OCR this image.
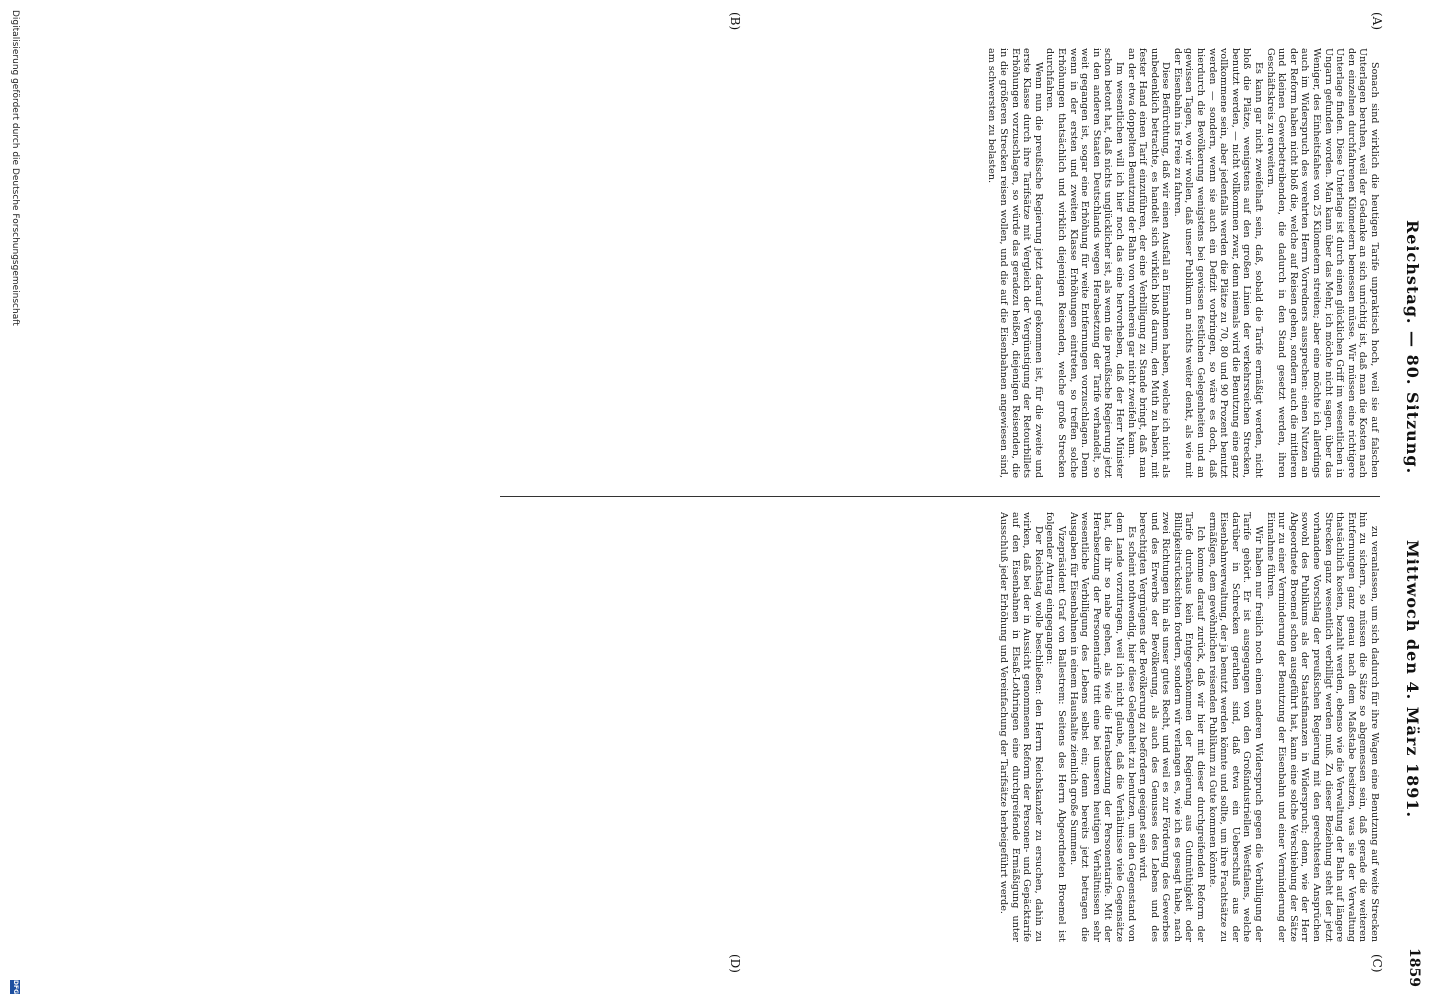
Reichstag. — 80. Sitzung.
Mittwoch den 4. März 1891.
1859
(A)
(B)
(C)
(D)

Sonach sind wirklich die heutigen Tarife unpraktisch hoch, weil sie auf falschen Unterlagen beruhen, weil der Gedanke an sich unrichtig ist, daß man die Kosten nach den einzelnen durchfahrenen Kilometern bemessen müsse. Wir müssen eine richtigere Unterlage finden. Diese Unterlage ist durch einen glücklichen Griff im wesentlichen in Ungarn gefunden worden. Man kann über das Mehr, ich möchte nicht sagen, über das Weniger, des Einheitsfahes von 25 Kilometern streiten; aber eine möchte ich allerdings auch im Widerspruch des verehrten Herrn Vorredners aussprechen: einen Nutzen an der Reform haben nicht bloß die, welche auf Reisen gehen, sondern auch die mittleren und kleinen Gewerbetreibenden, die dadurch in den Stand gesetzt werden, ihren Geschäftskreis zu erweitern.

Es kann gar nicht zweifelhaft sein, daß, sobald die Tarife ermäßigt werden, nicht bloß die Plätze, wenigstens auf den großen Linien der verkehrsreichen Strecken, benutzt werden, — nicht vollkommen zwar, denn niemals wird die Benutzung eine ganz vollkommene sein, aber jedenfalls werden die Plätze zu 70, 80 und 90 Prozent benutzt werden — sondern, wenn sie auch ein Defizit vorbringen, so wäre es doch, daß hierdurch die Bevölkerung wenigstens bei gewissen festlichen Gelegenheiten und an gewissen Tagen, wo wir wollen, daß unser Publikum an nichts weiter denkt, als wie mit der Eisenbahn ins Freie zu fahren.

Diese Befürchtung, daß wir einen Ausfall an Einnahmen haben, welche ich nicht als unbedenklich betrachte, es handelt sich wirklich bloß darum, den Muth zu haben, mit fester Hand einen Tarif einzuführen, der eine Verbilligung zu Stande bringt, daß man an der etwa doppelten Benutzung der Bahn von vornherein gar nicht zweifeln kann.

Im wesentlichen will ich hier noch das eine hervorheben, daß der Herr Minister schon betont hat, daß nichts unglücklicher ist, als wenn die preußische Regierung jetzt in den anderen Staaten Deutschlands wegen Herabsetzung der Tarife verhandelt, so weit gegangen ist, sogar eine Erhöhung für weite Entfernungen vorzuschlagen. Denn wenn in der ersten und zweiten Klasse Erhöhungen eintreten, so treffen solche Erhöhungen thatsächlich und wirklich diejenigen Reisenden, welche große Strecken durchfahren.

Wenn nun die preußische Regierung jetzt darauf gekommen ist, für die zweite und erste Klasse durch ihre Tarifsätze mit Vergleich der Vergünstigung der Retourbillets Erhöhungen vorzuschlagen, so würde das geradezu heißen, diejenigen Reisenden, die in die größeren Strecken reisen wollen, und die auf die Eisenbahnen angewiesen sind, am schwersten zu belasten.

zu veranlassen, um sich dadurch für ihre Wagen eine Benutzung auf weite Strecken hin zu sichern, so müssen die Sätze so abgemessen sein, daß gerade die weiteren Entfernungen ganz genau nach dem Maßstabe besitzen, was sie der Verwaltung thatsächlich kosten, bezahlt werden, ebenso wie die Verwaltung der Bahn auf längere Strecken ganz wesentlich verbilligt werden muß. Zu dieser Beziehung steht der jetzt vorhandene Vorschlag der preußischen Regierung mit den gerechtesten Ansprüchen sowohl des Publikums als der Staatsfinanzen in Widerspruch; denn, wie der Herr Abgeordnete Broemel schon ausgeführt hat, kann eine solche Verschiebung der Sätze nur zu einer Verminderung der Benutzung der Eisenbahn und einer Verminderung der Einnahme führen.

Wir haben nur freilich noch einen anderen Widerspruch gegen die Verbilligung der Tarife gehört. Er ist ausgegangen von den Großindustriellen Westfalens, welche darüber in Schrecken gerathen sind, daß etwa ein Ueberschuß aus der Eisenbahnverwaltung, der ja benutzt werden könnte und sollte, um ihre Frachtsätze zu ermäßigen, dem gewöhnlichen reisenden Publikum zu Gute kommen könnte.

Ich komme darauf zurück, daß wir hier mit dieser durchgreifenden Reform der Tarife durchaus kein Entgegenkommen der Regierung aus Gutmüthigkeit oder Billigkeitsrücksichten fordern, sondern wir verlangen es, wie ich es gesagt habe, nach zwei Richtungen hin als unser gutes Recht, und weil es zur Förderung des Gewerbes und des Erwerbs der Bevölkerung, als auch des Genusses des Lebens und des berechtigten Vergnügens der Bevölkerung zu befördern geeignet sein wird.

Es scheint nothwendig, hier diese Gelegenheit zu benutzen, um den Gegenstand von dem Lande vorzutragen, weil ich nicht glaube, daß die Verhältnisse viele Gegensätze hat, die ihr so nahe gehen, als wie die Herabsetzung der Personentarife. Mit der Herabsetzung der Personentarife tritt eine bei unseren heutigen Verhältnissen sehr wesentliche Verbilligung des Lebens selbst ein; denn bereits jetzt betragen die Ausgaben für Eisenbahnen in einem Haushalte ziemlich große Summen.

Vizepräsident Graf von Ballestrem: Seitens des Herrn Abgeordneten Broemel ist folgender Antrag eingegangen:

Der Reichstag wolle beschließen: den Herrn Reichskanzler zu ersuchen, dahin zu wirken, daß bei der in Aussicht genommenen Reform der Personen- und Gepäcktarife auf den Eisenbahnen in Elsaß-Lothringen eine durchgreifende Ermäßigung unter Ausschluß jeder Erhöhung und Vereinfachung der Tarifsätze herbeigeführt werde.

Digitalisierung gefördert durch die Deutsche Forschungsgemeinschaft
DFG
